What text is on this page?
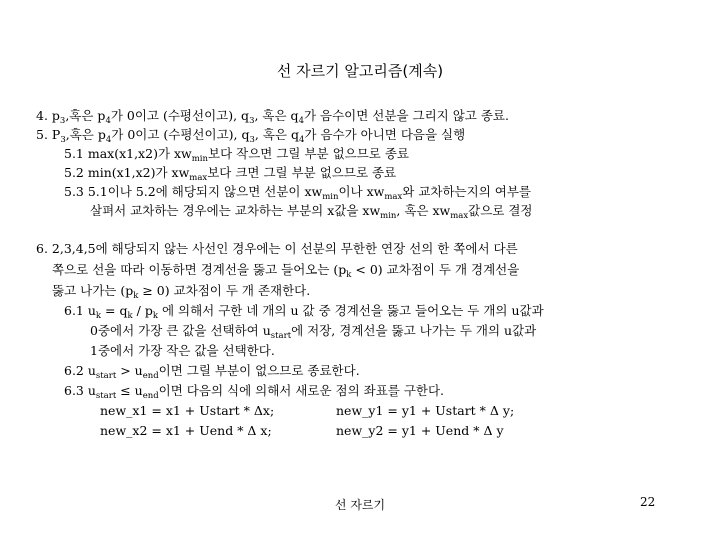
선 자르기 알고리즘(계속)
4. $p_3$,혹은 $p_4$가 0이고 (수평선이고), $q_3$, 혹은 $q_4$가 음수이면 선분을 그리지 않고 종료.
5. $P_3$,혹은 $p_4$가 0이고 (수평선이고), $q_3$, 혹은 $q_4$가 음수가 아니면 다음을 실행
5.1 max(x1,x2)가 $xw_{min}$보다 작으면 그릴 부분 없으므로 종료
5.2 min(x1,x2)가 $xw_{max}$보다 크면 그릴 부분 없으므로 종료
5.3 5.1이나 5.2에 해당되지 않으면 선분이 $xw_{min}$이나 $xw_{max}$와 교차하는지의 여부를
살펴서 교차하는 경우에는 교차하는 부분의 x값을 $xw_{min}$, 혹은 $xw_{max}$값으로 결정
6. 2,3,4,5에 해당되지 않는 사선인 경우에는 이 선분의 무한한 연장 선의 한 쪽에서 다른
쪽으로 선을 따라 이동하면 경계선을 뚫고 들어오는 $(p_k < 0)$ 교차점이 두 개 경계선을
뚫고 나가는 $(p_k \ge 0)$ 교차점이 두 개 존재한다.
6.1 $u_k = q_k / p_k$ 에 의해서 구한 네 개의 u 값 중 경계선을 뚫고 들어오는 두 개의 u값과
0중에서 가장 큰 값을 선택하여 $u_{start}$에 저장, 경계선을 뚫고 나가는 두 개의 u값과
1중에서 가장 작은 값을 선택한다.
6.2 $u_{start} > u_{end}$이면 그릴 부분이 없으므로 종료한다.
6.3 $u_{start} \le u_{end}$이면 다음의 식에 의해서 새로운 점의 좌표를 구한다.
new_x1 = x1 + Ustart * Δx;	new_y1 = y1 + Ustart * Δ y;
new_x2 = x1 + Uend * Δ x;	new_y2 = y1 + Uend * Δ y
선 자르기	22
